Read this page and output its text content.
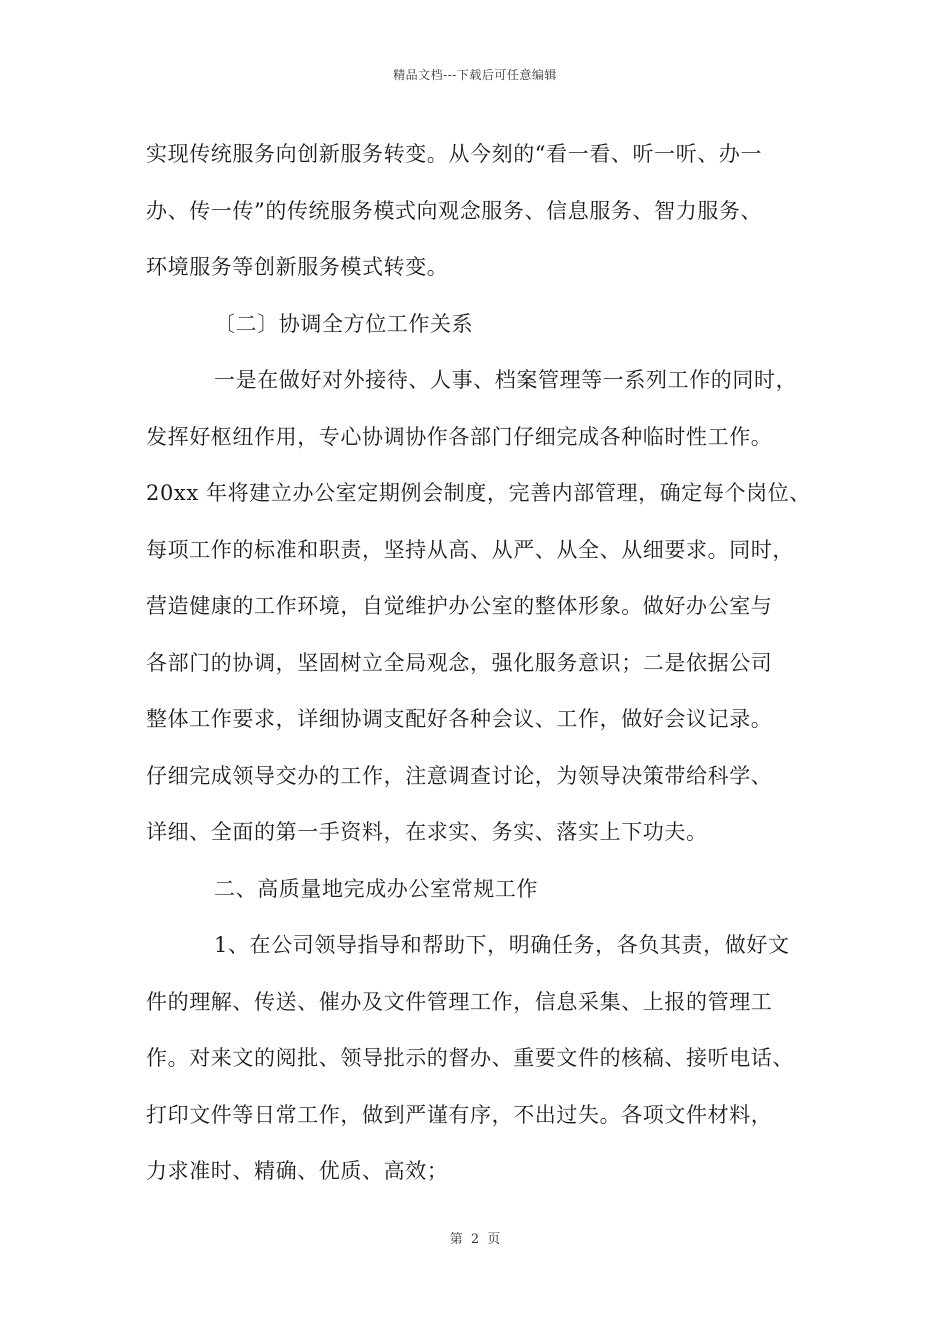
精品文档---下载后可任意编辑
实现传统服务向创新服务转变。从今刻的“看一看、听一听、办一
办、传一传”的传统服务模式向观念服务、信息服务、智力服务、
环境服务等创新服务模式转变。
〔二〕协调全方位工作关系
一是在做好对外接待、人事、档案管理等一系列工作的同时，
发挥好枢纽作用，专心协调协作各部门仔细完成各种临时性工作。
20xx 年将建立办公室定期例会制度，完善内部管理，确定每个岗位、
每项工作的标准和职责，坚持从高、从严、从全、从细要求。同时，
营造健康的工作环境，自觉维护办公室的整体形象。做好办公室与
各部门的协调，坚固树立全局观念，强化服务意识；二是依据公司
整体工作要求，详细协调支配好各种会议、工作，做好会议记录。
仔细完成领导交办的工作，注意调查讨论，为领导决策带给科学、
详细、全面的第一手资料，在求实、务实、落实上下功夫。
二、高质量地完成办公室常规工作
1、在公司领导指导和帮助下，明确任务，各负其责，做好文
件的理解、传送、催办及文件管理工作，信息采集、上报的管理工
作。对来文的阅批、领导批示的督办、重要文件的核稿、接听电话、
打印文件等日常工作，做到严谨有序，不出过失。各项文件材料，
力求准时、精确、优质、高效；
第 2 页
